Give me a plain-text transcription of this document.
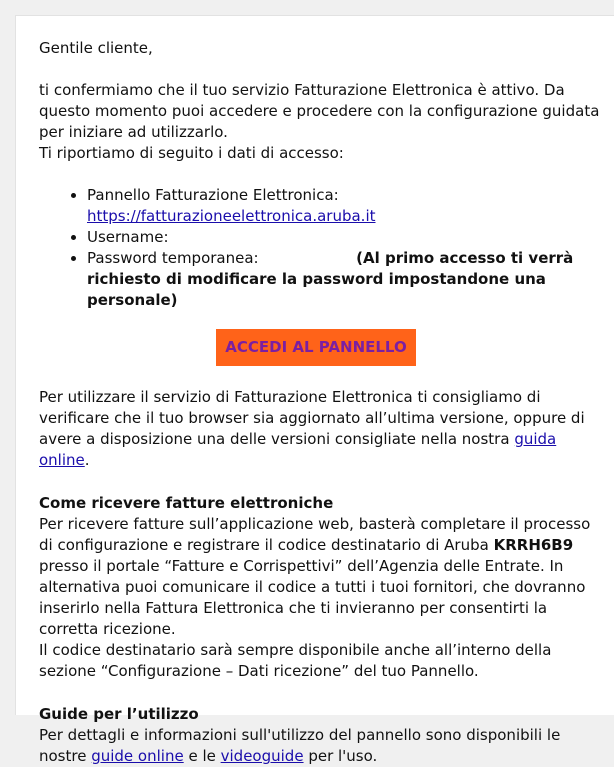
Gentile cliente,

ti confermiamo che il tuo servizio Fatturazione Elettronica è attivo. Da questo momento puoi accedere e procedere con la configurazione guidata per iniziare ad utilizzarlo.
Ti riportiamo di seguito i dati di accesso:

• Pannello Fatturazione Elettronica: https://fatturazioneelettronica.aruba.it
• Username:
• Password temporanea:	(Al primo accesso ti verrà richiesto di modificare la password impostandone una personale)
ACCEDI AL PANNELLO

Per utilizzare il servizio di Fatturazione Elettronica ti consigliamo di verificare che il tuo browser sia aggiornato all’ultima versione, oppure di avere a disposizione una delle versioni consigliate nella nostra guida online.

Come ricevere fatture elettroniche

Per ricevere fatture sull’applicazione web, basterà completare il processo di configurazione e registrare il codice destinatario di Aruba KRRH6B9 presso il portale “Fatture e Corrispettivi” dell’Agenzia delle Entrate. In alternativa puoi comunicare il codice a tutti i tuoi fornitori, che dovranno inserirlo nella Fattura Elettronica che ti invieranno per consentirti la corretta ricezione.
Il codice destinatario sarà sempre disponibile anche all’interno della sezione “Configurazione – Dati ricezione” del tuo Pannello.

Guide per l’utilizzo

Per dettagli e informazioni sull'utilizzo del pannello sono disponibili le nostre guide online e le videoguide per l'uso.
